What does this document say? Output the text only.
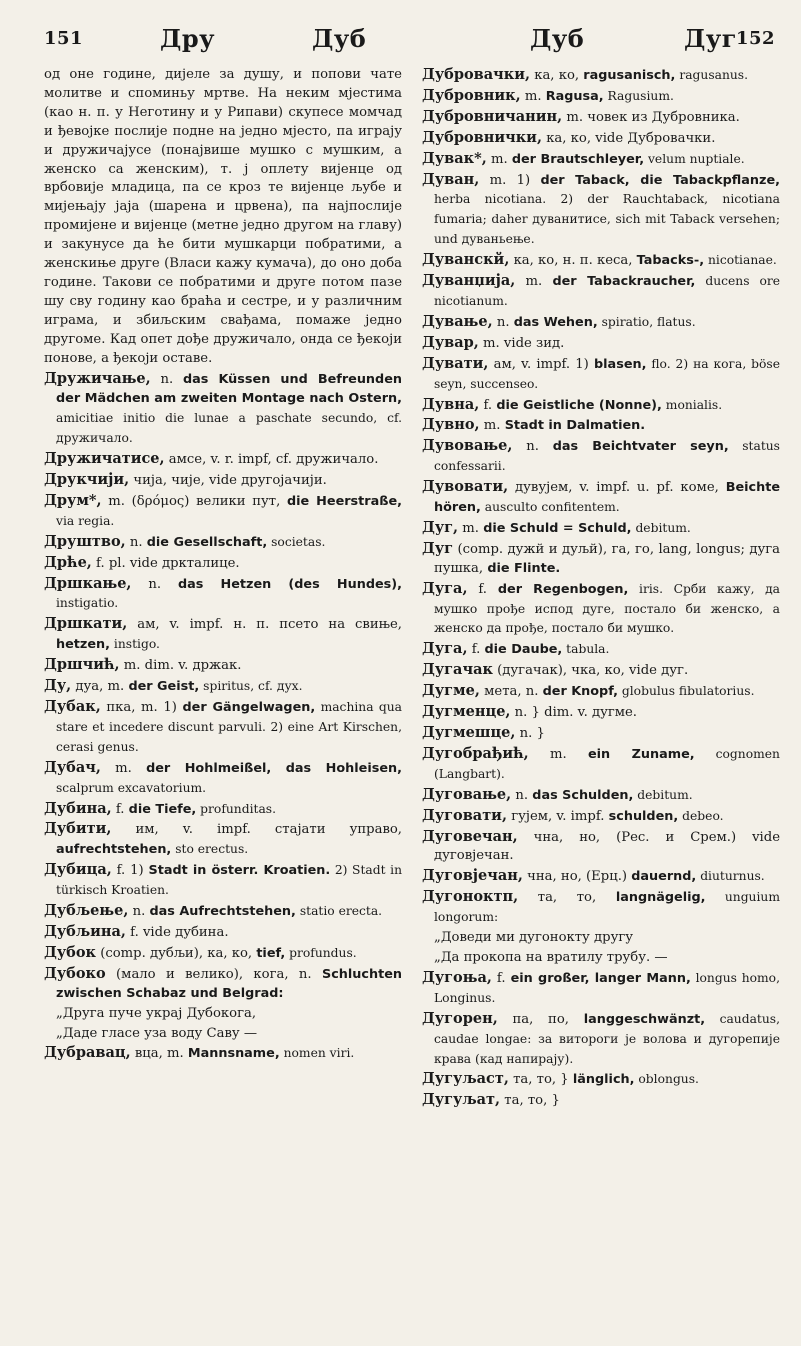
151	Дру	Дуб	Дуб	Дуг 152

од оне године, дијеле за душу, и попови чате молитве и споминьу мртве. На неким мјестима (као н. п. у Неготину и у Рипави) скупесе момчад и ђевојке послије подне на једно мјесто, па играју и дружичајусе (понајвише мушко с мушким, а женско са женским), т. ј оплету вијенце од врбовије младица, па се кроз те вијенце љубе и мијењају јаја (шарена и црвена), па најпослије промијене и вијенце (метне једно другом на главу) и закунусе да ће бити мушкарци побратими, а женскиње друге (Власи кажу кумача), до оно доба године. Такови се побратими и друге потом пазе шу сву годину као браћа и сестре, и у различним играма, и збиљским свађама, помаже једно другоме. Кад опет дође дружичало, онда се ђекоји понове, а ђекоји оставе.

Дружичање, n. das Küssen und Befreunden der Mädchen am zweiten Montage nach Ostern, amicitiae initio die lunae a paschate secundo, cf. дружичало.

Дружичатисе, амсе, v. r. impf, cf. дружичало.

Друкчији, чија, чије, vide другојачији.

Друм*, m. (δρόμος) велики пут, die Heerstraße, via regia.

Друштво, n. die Gesellschaft, societas.

Дрће, f. pl. vide дркталице.

Дршкање, n. das Hetzen (des Hundes), instigatio.

Дршкати, ам, v. impf. н. п. псето на свиње, hetzen, instigo.

Дршчић, m. dim. v. држак.

Ду, дуа, m. der Geist, spiritus, cf. дух.

Дубак, пка, m. 1) der Gängelwagen, machina qua stare et incedere discunt parvuli. 2) eine Art Kirschen, cerasi genus.

Дубач, m. der Hohlmeißel, das Hohleisen, scalprum excavatorium.

Дубина, f. die Tiefe, profunditas.

Дубити, им, v. impf. стајати управо, aufrechtstehen, sto erectus.

Дубица, f. 1) Stadt in österr. Kroatien. 2) Stadt in türkisch Kroatien.

Дубљење, n. das Aufrechtstehen, statio erecta.

Дубљина, f. vide дубина.

Дубок (comp. дубљи), ка, ко, tief, profundus.

Дубоко (мало и велико), кога, n. Schluchten zwischen Schabaz und Belgrad:

„Друга пуче украј Дубокога,

„Даде гласе уза воду Саву —

Дубравац, вца, m. Mannsname, nomen viri.

Дубровачки, ка, ко, ragusanisch, ragusanus.

Дубровник, m. Ragusa, Ragusium.

Дубровничанин, m. човек из Дубровника.

Дубровнички, ка, ко, vide Дубровачки.

Дувак*, m. der Brautschleyer, velum nuptiale.

Дуван, m. 1) der Taback, die Tabackpflanze, herba nicotiana. 2) der Rauchtaback, nicotiana fumaria; daher дуванитисе, sich mit Taback versehen; und дуваньење.

Дуванскй, ка, ко, н. п. кеса, Tabacks-, nicotianae.

Дуванџија, m. der Tabackraucher, ducens ore nicotianum.

Дување, n. das Wehen, spiratio, flatus.

Дувар, m. vide зид.

Дувати, ам, v. impf. 1) blasen, flo. 2) на кога, böse seyn, succenseo.

Дувна, f. die Geistliche (Nonne), monialis.

Дувно, m. Stadt in Dalmatien.

Дувовање, n. das Beichtvater seyn, status confessarii.

Дувовати, дувујем, v. impf. u. pf. коме, Beichte hören, ausculto confitentem.

Дуг, m. die Schuld = Schuld, debitum.

Дуг (comp. дужй и дуљй), га, го, lang, longus; дуга пушка, die Flinte.

Дуга, f. der Regenbogen, iris. Срби кажу, да мушко прође испод дуге, постало би женско, а женско да прође, постало би мушко.

Дуга, f. die Daube, tabula.

Дугачак (дугачак), чка, ко, vide дуг.

Дугме, мета, n. der Knopf, globulus fibulatorius.

Дугменце, n. } dim. v. дугме.

Дугмешце, n. }

Дугобрађић, m. ein Zuname, cognomen (Langbart).

Дуговање, n. das Schulden, debitum.

Дуговати, гујем, v. impf. schulden, debeo.

Дуговечан, чна, но, (Рес. и Срем.) vide дуговјечан.

Дуговјечан, чна, но, (Ерц.) dauernd, diuturnus.

Дугоноктп, та, то, langnägelig, unguium longorum:

„Доведи ми дугонокту другу

„Да прокопа на вратилу трубу. —

Дугоња, f. ein großer, langer Mann, longus homo, Longinus.

Дугорен, па, по, langgeschwänzt, caudatus, caudae longae: за витороги је волова и дугорепије крава (кад напирају).

Дугуљаст, та, то, } länglich, oblongus.

Дугуљат, та, то, }
